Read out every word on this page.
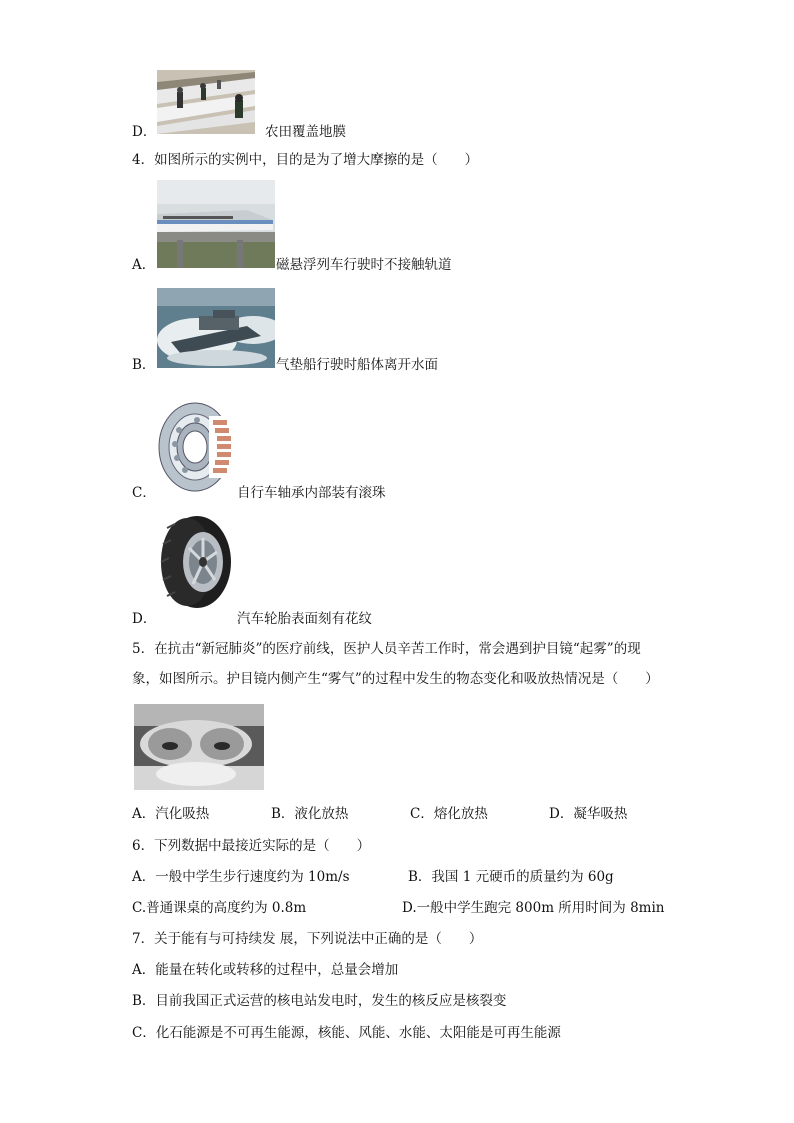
D．	农田覆盖地膜
4．如图所示的实例中，目的是为了增大摩擦的是（　　）
A．	磁悬浮列车行驶时不接触轨道
B．	气垫船行驶时船体离开水面
C．	自行车轴承内部装有滚珠
D．	汽车轮胎表面刻有花纹
5．在抗击“新冠肺炎”的医疗前线，医护人员辛苦工作时，常会遇到护目镜“起雾”的现
象，如图所示。护目镜内侧产生“雾气”的过程中发生的物态变化和吸放热情况是（　　）
A．汽化吸热	B．液化放热	C．熔化放热	D．凝华吸热
6．下列数据中最接近实际的是（　　）
A．一般中学生步行速度约为 10m/s	B．我国 1 元硬币的质量约为 60g
C.普通课桌的高度约为 0.8m	D.一般中学生跑完 800m 所用时间为 8min
7．关于能有与可持续发 展，下列说法中正确的是（　　）
A．能量在转化或转移的过程中，总量会增加
B．目前我国正式运营的核电站发电时，发生的核反应是核裂变
C．化石能源是不可再生能源，核能、风能、水能、太阳能是可再生能源
